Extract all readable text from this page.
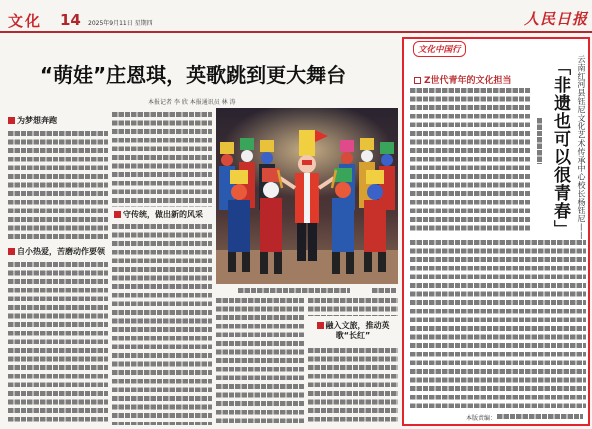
文化 14 2025年9月11日 星期四	人民日报
“萌娃”庄恩琪，英歌跳到更大舞台
本报记者 李 欣 本报通讯员 林 涛
为梦想奔跑
自小热爱，苦磨动作要领
守传统，做出新的风采
融入文旅，推动英歌“长红”
文化中国行
Z世代青年的文化担当 「非遗也可以很青春」 云南红河县钰尼文化艺术传承中心校长杨钰尼——
本版责编：
